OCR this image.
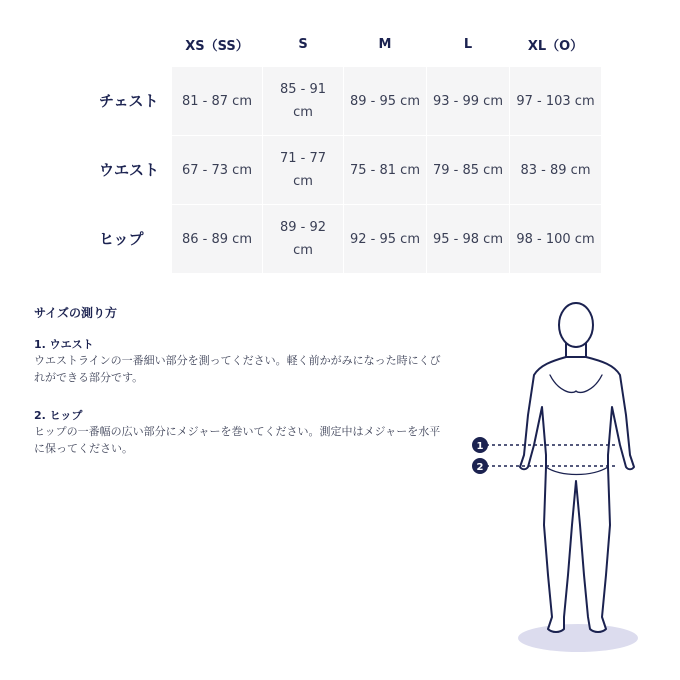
	XS（SS）	S	M	L	XL（O）
チェスト	81 - 87 cm	85 - 91 cm	89 - 95 cm	93 - 99 cm	97 - 103 cm
ウエスト	67 - 73 cm	71 - 77 cm	75 - 81 cm	79 - 85 cm	83 - 89 cm
ヒップ	86 - 89 cm	89 - 92 cm	92 - 95 cm	95 - 98 cm	98 - 100 cm

サイズの測り方

1. ウエスト

ウエストラインの一番細い部分を測ってください。軽く前かがみになった時にくびれができる部分です。

2. ヒップ

ヒップの一番幅の広い部分にメジャーを巻いてください。測定中はメジャーを水平に保ってください。	1
2
